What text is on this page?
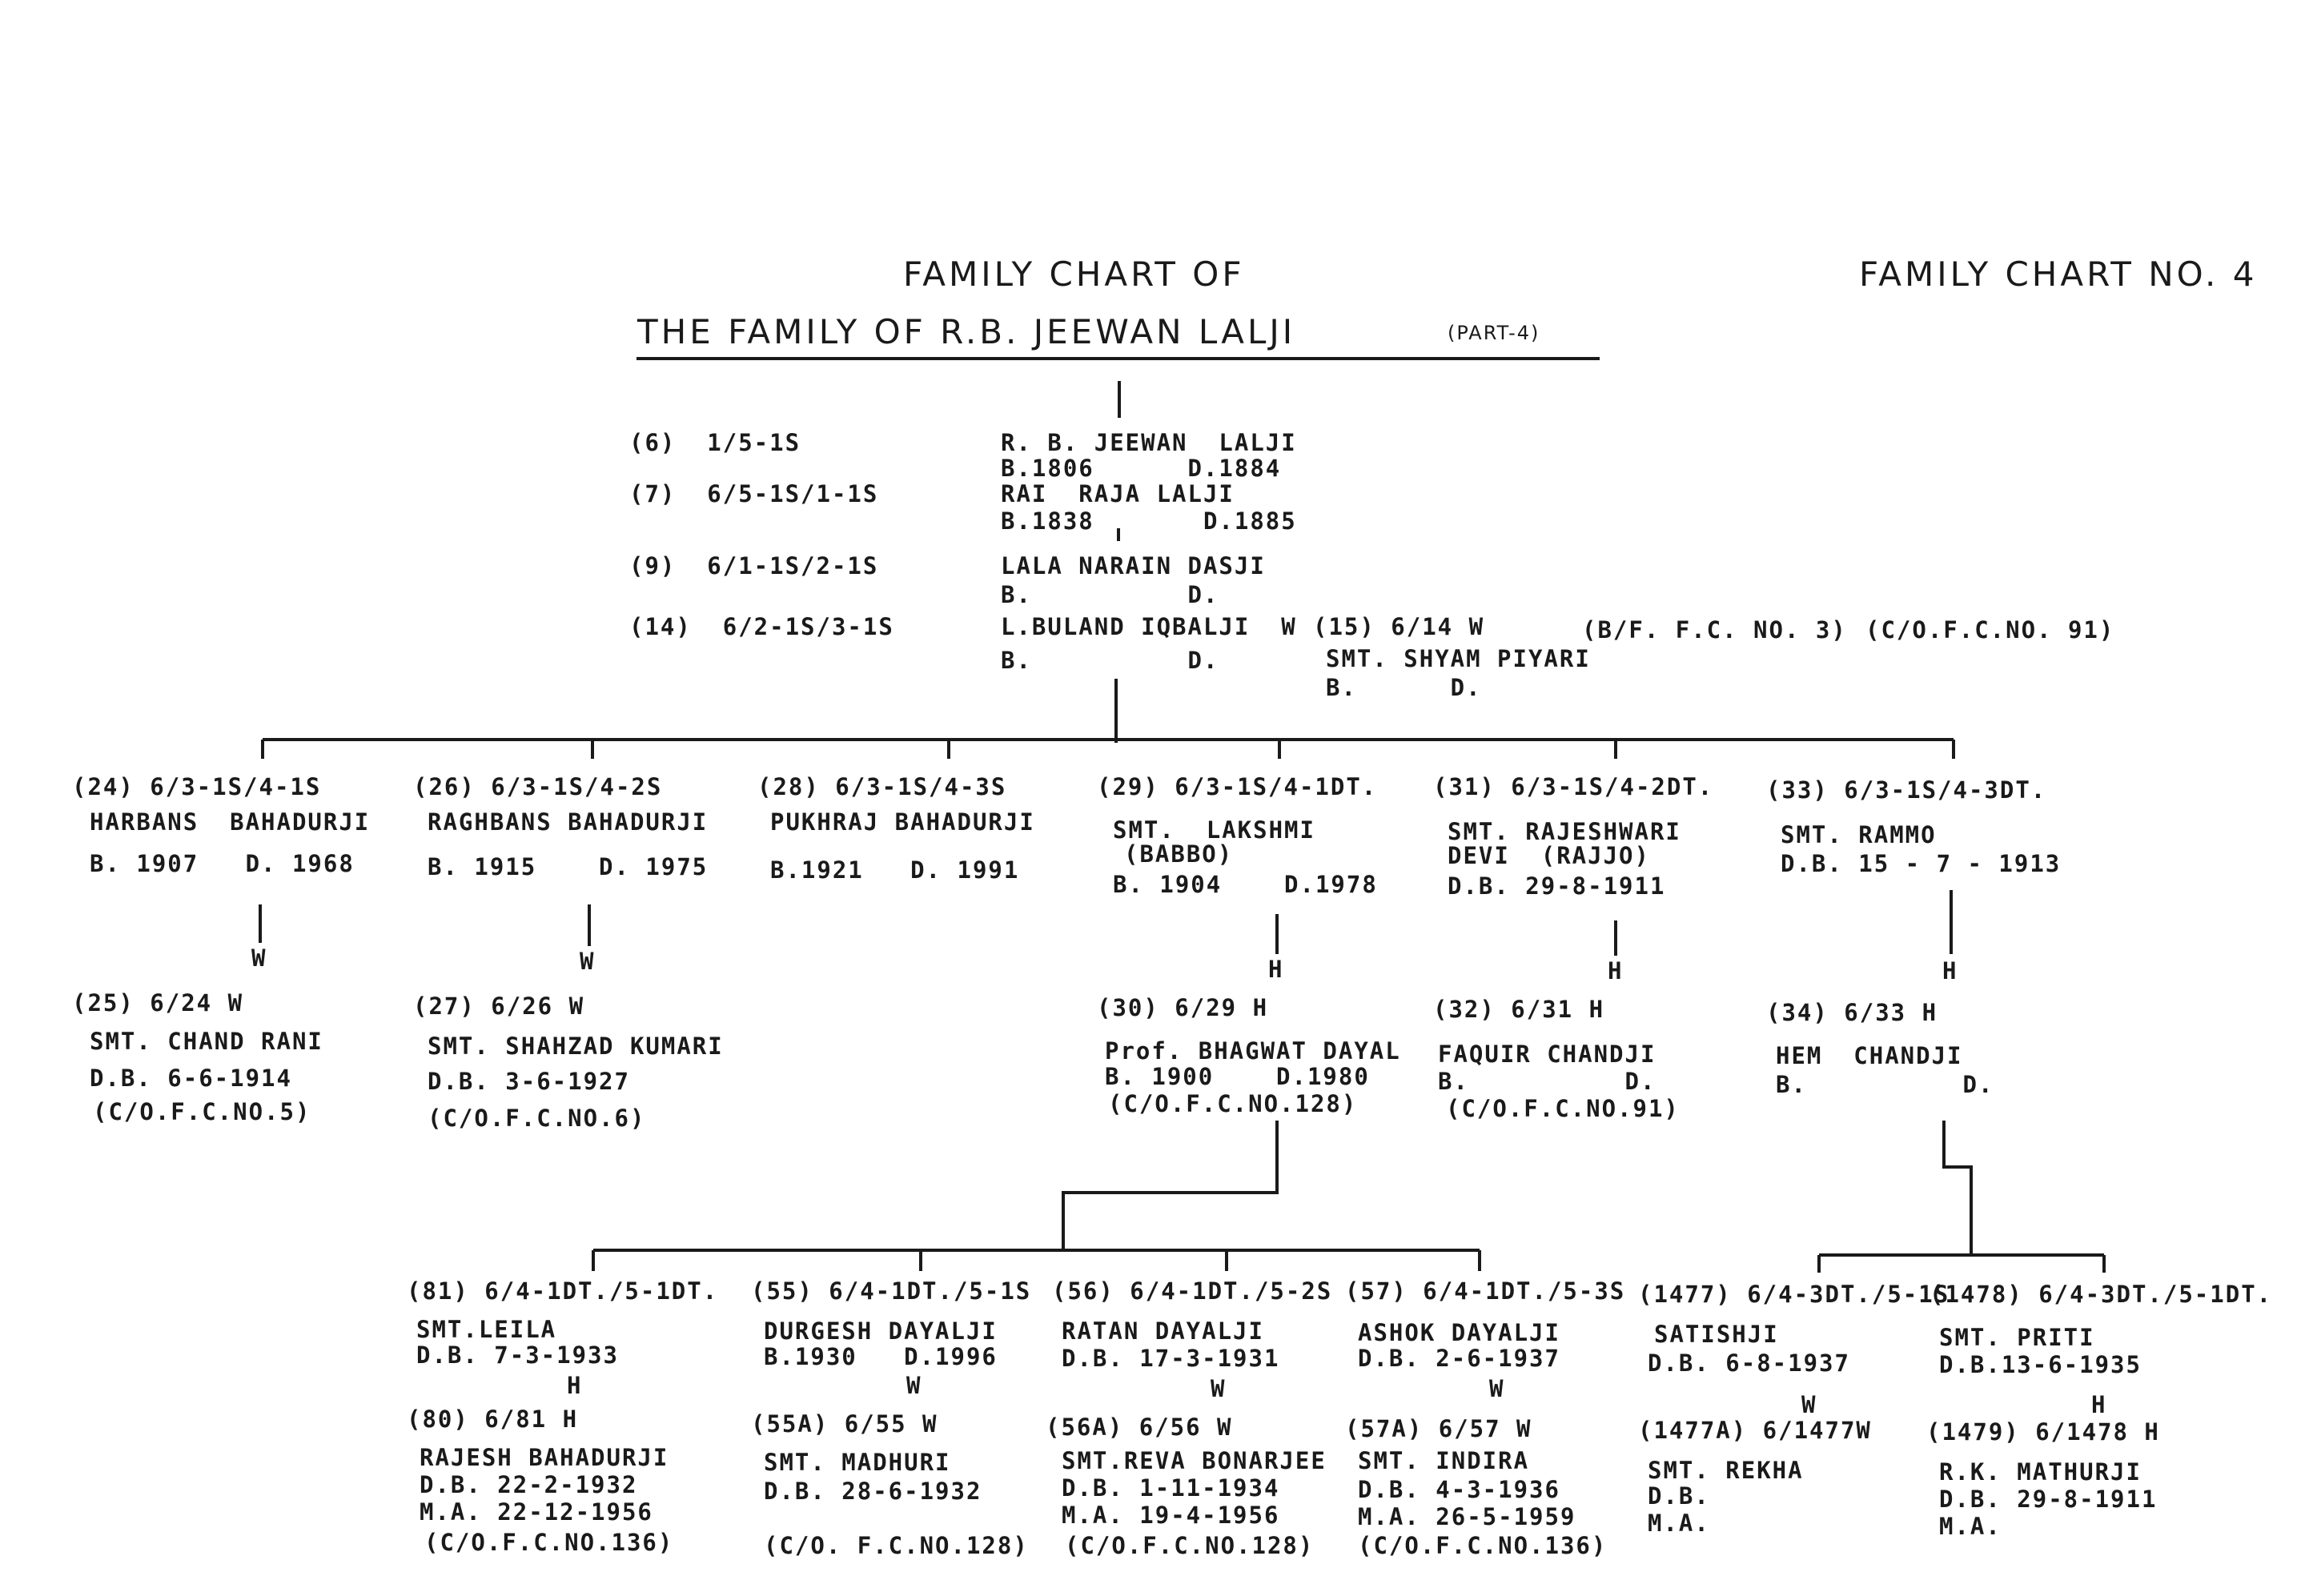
FAMILY CHART OF
THE FAMILY OF R.B. JEEWAN LALJI	(PART-4)
FAMILY CHART NO. 4
(6)  1/5-1S	R. B. JEEWAN  LALJI
B.1806      D.1884
(7)  6/5-1S/1-1S	RAI  RAJA LALJI
B.1838       D.1885
(9)  6/1-1S/2-1S	LALA NARAIN DASJI
B.          D.
(14)  6/2-1S/3-1S	L.BULAND IQBALJI  W
B.          D.
(15) 6/14 W
SMT. SHYAM PIYARI
B.      D.
(B/F. F.C. NO. 3) (C/O.F.C.NO. 91)
(24) 6/3-1S/4-1S
HARBANS  BAHADURJI
B. 1907   D. 1968
(26) 6/3-1S/4-2S
RAGHBANS BAHADURJI
B. 1915    D. 1975
(28) 6/3-1S/4-3S
PUKHRAJ BAHADURJI
B.1921   D. 1991
(29) 6/3-1S/4-1DT.
SMT.  LAKSHMI
(BABBO)
B. 1904    D.1978
(31) 6/3-1S/4-2DT.
SMT. RAJESHWARI
DEVI  (RAJJO)
D.B. 29-8-1911
(33) 6/3-1S/4-3DT.
SMT. RAMMO
D.B. 15 - 7 - 1913
W	W	H	H	H
(25) 6/24 W
SMT. CHAND RANI
D.B. 6-6-1914
(C/O.F.C.NO.5)
(27) 6/26 W
SMT. SHAHZAD KUMARI
D.B. 3-6-1927
(C/O.F.C.NO.6)
(30) 6/29 H
Prof. BHAGWAT DAYAL
B. 1900    D.1980
(C/O.F.C.NO.128)
(32) 6/31 H
FAQUIR CHANDJI
B.          D.
(C/O.F.C.NO.91)
(34) 6/33 H
HEM  CHANDJI
B.          D.
(81) 6/4-1DT./5-1DT.
SMT.LEILA
D.B. 7-3-1933
H
(80) 6/81 H
RAJESH BAHADURJI
D.B. 22-2-1932
M.A. 22-12-1956
(C/O.F.C.NO.136)
(55) 6/4-1DT./5-1S
DURGESH DAYALJI
B.1930   D.1996
W
(55A) 6/55 W
SMT. MADHURI
D.B. 28-6-1932
(C/O. F.C.NO.128)
(56) 6/4-1DT./5-2S
RATAN DAYALJI
D.B. 17-3-1931
W
(56A) 6/56 W
SMT.REVA BONARJEE
D.B. 1-11-1934
M.A. 19-4-1956
(C/O.F.C.NO.128)
(57) 6/4-1DT./5-3S
ASHOK DAYALJI
D.B. 2-6-1937
W
(57A) 6/57 W
SMT. INDIRA
D.B. 4-3-1936
M.A. 26-5-1959
(C/O.F.C.NO.136)
(1477) 6/4-3DT./5-1S
SATISHJI
D.B. 6-8-1937
W
(1477A) 6/1477W
SMT. REKHA
D.B.
M.A.
(1478) 6/4-3DT./5-1DT.
SMT. PRITI
D.B.13-6-1935
H
(1479) 6/1478 H
R.K. MATHURJI
D.B. 29-8-1911
M.A.
